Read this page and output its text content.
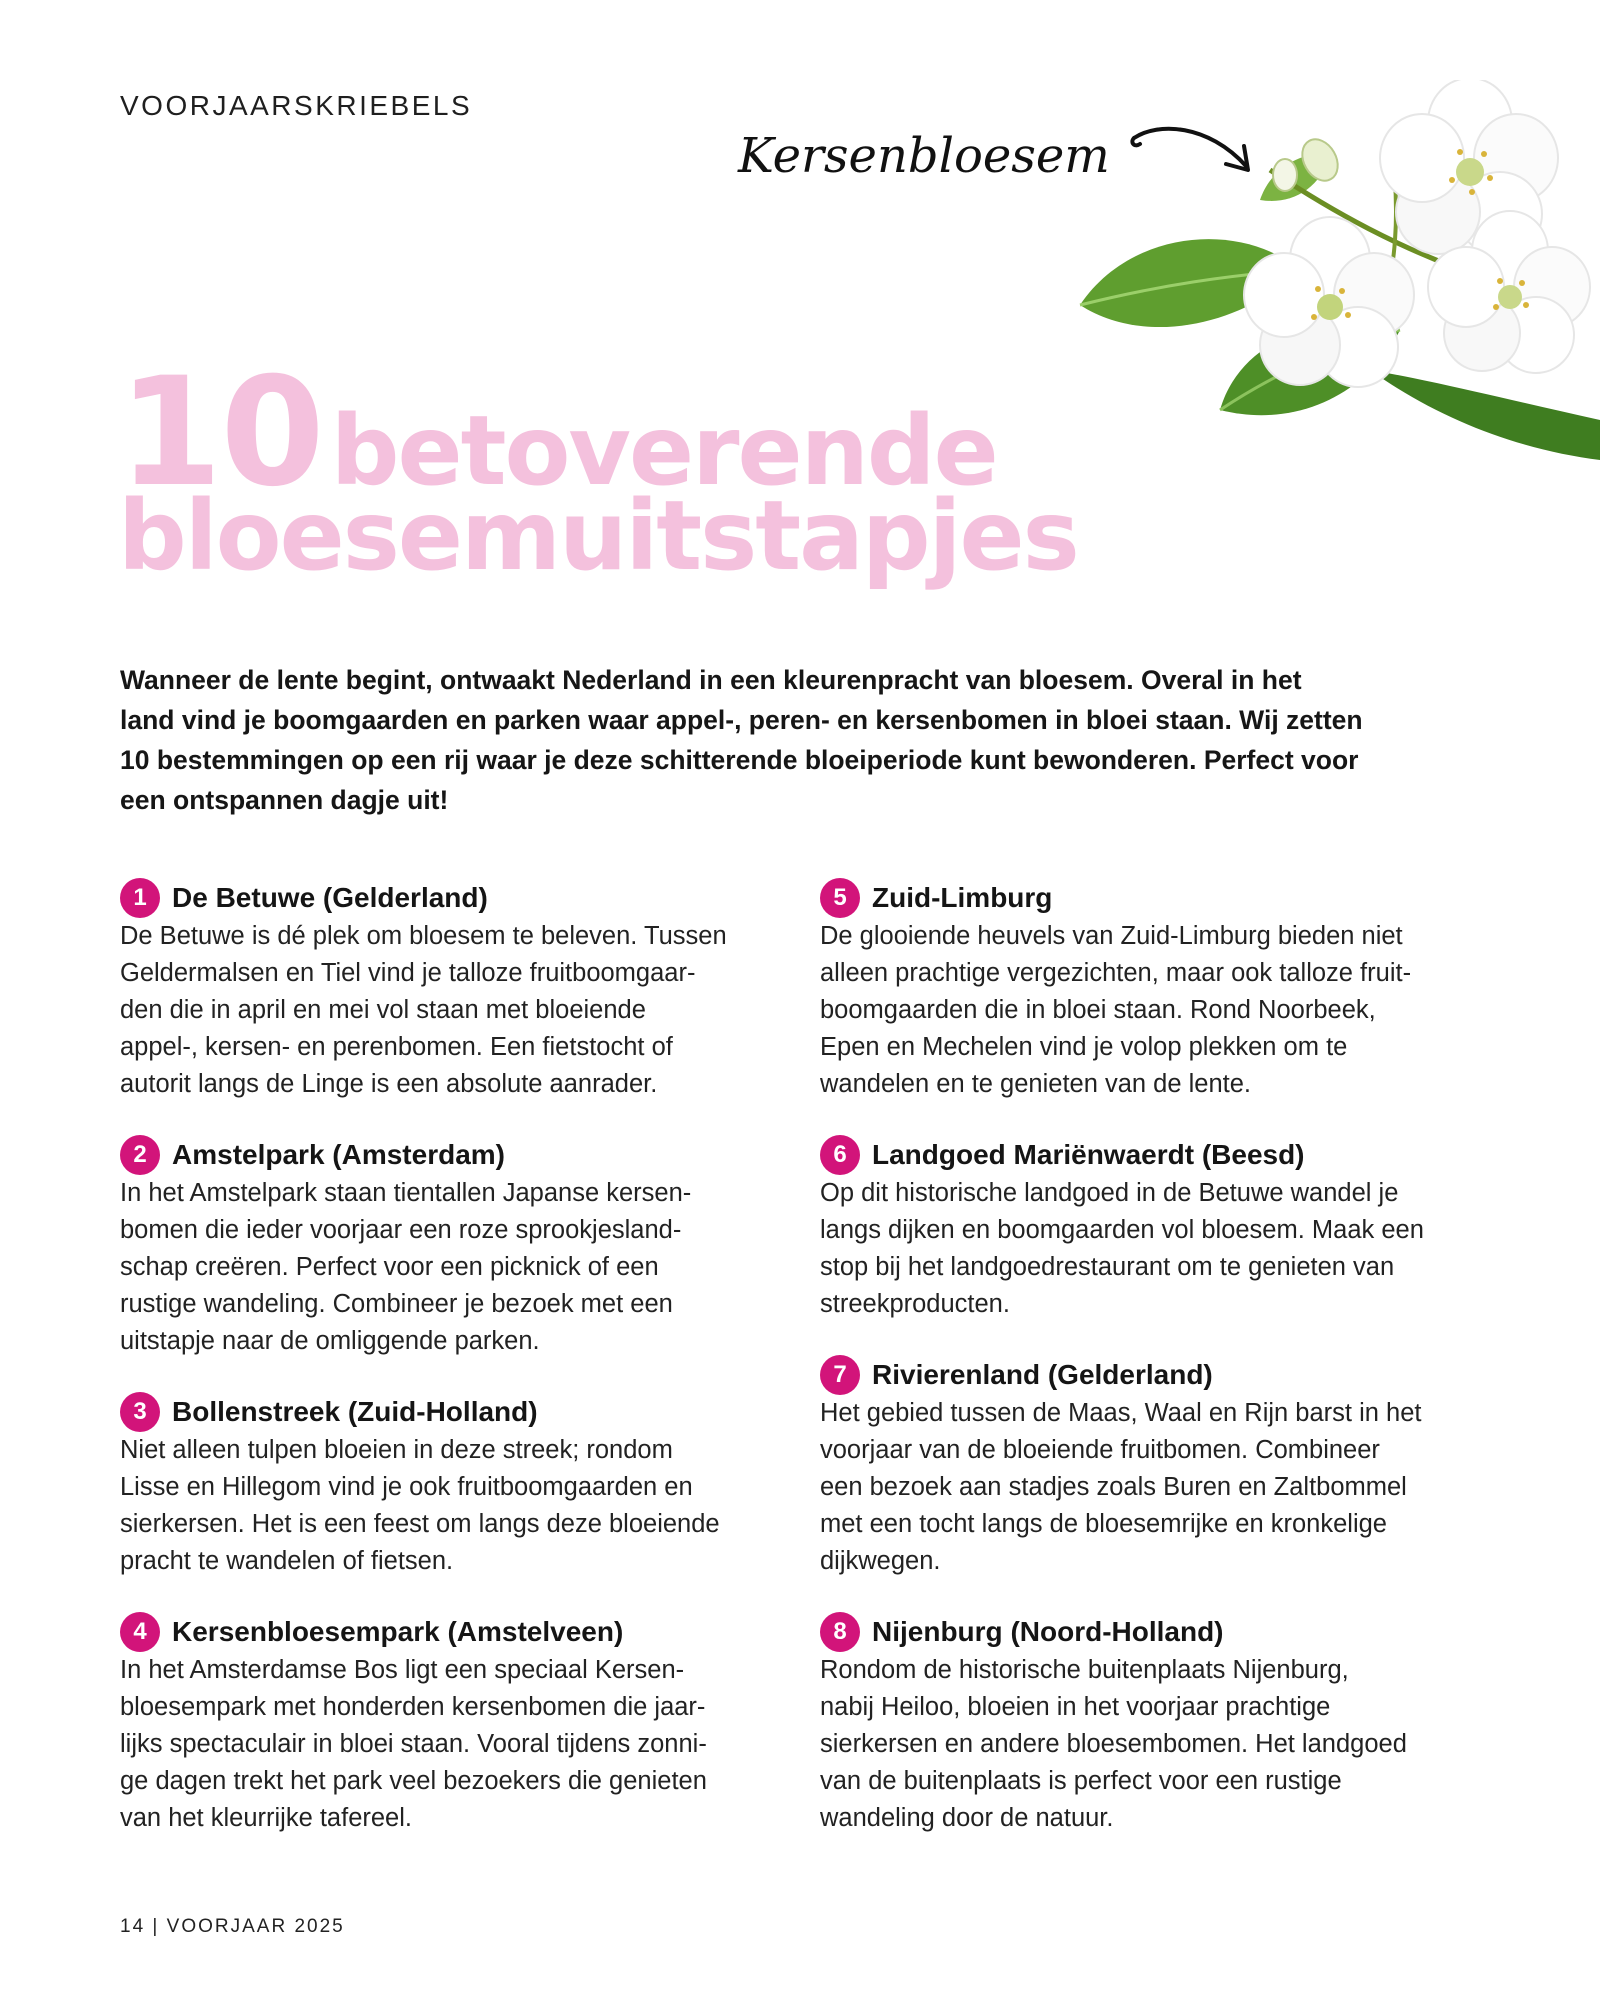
VOORJAARSKRIEBELS
Kersenbloesem
10betoverende
bloesemuitstapjes

Wanneer de lente begint, ontwaakt Nederland in een kleurenpracht van bloesem. Overal in het
land vind je boomgaarden en parken waar appel-, peren- en kersenbomen in bloei staan. Wij zetten
10 bestemmingen op een rij waar je deze schitterende bloeiperiode kunt bewonderen. Perfect voor
een ontspannen dagje uit!

1 De Betuwe (Gelderland)

De Betuwe is dé plek om bloesem te beleven. Tussen
Geldermalsen en Tiel vind je talloze fruitboomgaar-
den die in april en mei vol staan met bloeiende
appel-, kersen- en perenbomen. Een fietstocht of
autorit langs de Linge is een absolute aanrader.

2 Amstelpark (Amsterdam)

In het Amstelpark staan tientallen Japanse kersen-
bomen die ieder voorjaar een roze sprookjesland-
schap creëren. Perfect voor een picknick of een
rustige wandeling. Combineer je bezoek met een
uitstapje naar de omliggende parken.

3 Bollenstreek (Zuid-Holland)

Niet alleen tulpen bloeien in deze streek; rondom
Lisse en Hillegom vind je ook fruitboomgaarden en
sierkersen. Het is een feest om langs deze bloeiende
pracht te wandelen of fietsen.

4 Kersenbloesempark (Amstelveen)

In het Amsterdamse Bos ligt een speciaal Kersen-
bloesempark met honderden kersenbomen die jaar-
lijks spectaculair in bloei staan. Vooral tijdens zonni-
ge dagen trekt het park veel bezoekers die genieten
van het kleurrijke tafereel.

5 Zuid-Limburg

De glooiende heuvels van Zuid-Limburg bieden niet
alleen prachtige vergezichten, maar ook talloze fruit-
boomgaarden die in bloei staan. Rond Noorbeek,
Epen en Mechelen vind je volop plekken om te
wandelen en te genieten van de lente.

6 Landgoed Mariënwaerdt (Beesd)

Op dit historische landgoed in de Betuwe wandel je
langs dijken en boomgaarden vol bloesem. Maak een
stop bij het landgoedrestaurant om te genieten van
streekproducten.

7 Rivierenland (Gelderland)

Het gebied tussen de Maas, Waal en Rijn barst in het
voorjaar van de bloeiende fruitbomen. Combineer
een bezoek aan stadjes zoals Buren en Zaltbommel
met een tocht langs de bloesemrijke en kronkelige
dijkwegen.

8 Nijenburg (Noord-Holland)

Rondom de historische buitenplaats Nijenburg,
nabij Heiloo, bloeien in het voorjaar prachtige
sierkersen en andere bloesembomen. Het landgoed
van de buitenplaats is perfect voor een rustige
wandeling door de natuur.

14 | VOORJAAR 2025
